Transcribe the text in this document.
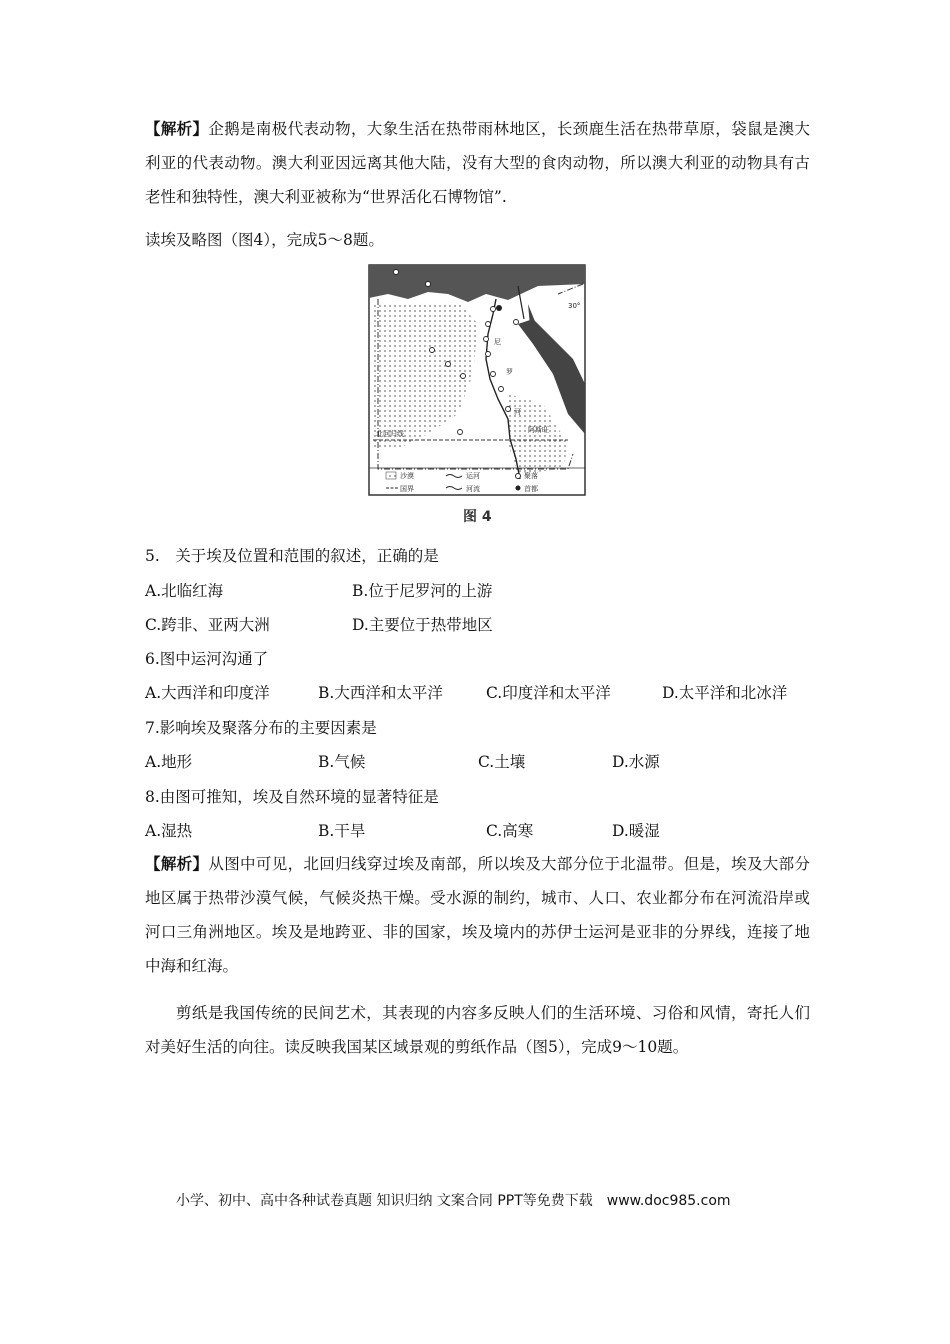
【解析】企鹅是南极代表动物，大象生活在热带雨林地区，长颈鹿生活在热带草原，袋鼠是澳大利亚的代表动物。澳大利亚因远离其他大陆，没有大型的食肉动物，所以澳大利亚的动物具有古老性和独特性，澳大利亚被称为“世界活化石博物馆”.
读埃及略图（图4），完成5～8题。
30°
北回归线	阿斯旺
尼
罗
河
沙漠	运河	聚落
国界	河流	首都
图 4
5.　关于埃及位置和范围的叙述，正确的是
A.北临红海	B.位于尼罗河的上游
C.跨非、亚两大洲	D.主要位于热带地区
6.图中运河沟通了
A.大西洋和印度洋	B.大西洋和太平洋	C.印度洋和太平洋	D.太平洋和北冰洋
7.影响埃及聚落分布的主要因素是
A.地形	B.气候	C.土壤	D.水源
8.由图可推知，埃及自然环境的显著特征是
A.湿热	B.干旱	C.高寒	D.暖湿
【解析】从图中可见，北回归线穿过埃及南部，所以埃及大部分位于北温带。但是，埃及大部分地区属于热带沙漠气候，气候炎热干燥。受水源的制约，城市、人口、农业都分布在河流沿岸或河口三角洲地区。埃及是地跨亚、非的国家，埃及境内的苏伊士运河是亚非的分界线，连接了地中海和红海。
剪纸是我国传统的民间艺术，其表现的内容多反映人们的生活环境、习俗和风情，寄托人们对美好生活的向往。读反映我国某区域景观的剪纸作品（图5），完成9～10题。
小学、初中、高中各种试卷真题 知识归纳 文案合同 PPT等免费下载　www.doc985.com
